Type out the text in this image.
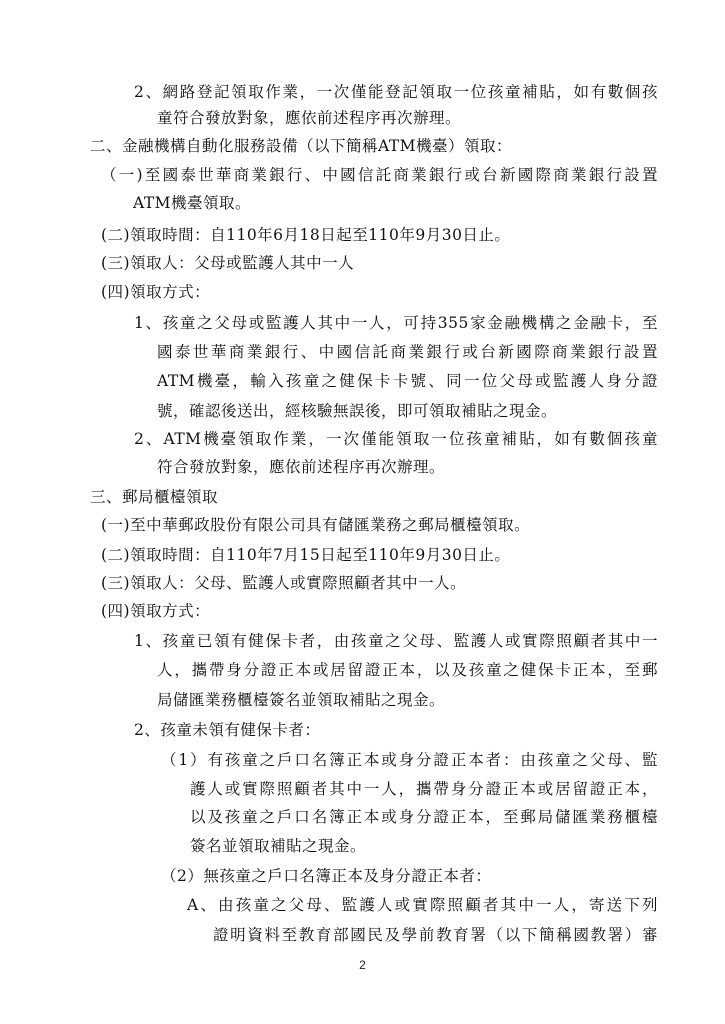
2、網路登記領取作業，一次僅能登記領取一位孩童補貼，如有數個孩
童符合發放對象，應依前述程序再次辦理。
二、金融機構自動化服務設備（以下簡稱ATM機臺）領取：
（一)至國泰世華商業銀行、中國信託商業銀行或台新國際商業銀行設置
ATM機臺領取。
(二)領取時間：自110年6月18日起至110年9月30日止。
(三)領取人：父母或監護人其中一人
(四)領取方式：
1、孩童之父母或監護人其中一人，可持355家金融機構之金融卡，至
國泰世華商業銀行、中國信託商業銀行或台新國際商業銀行設置
ATM機臺，輸入孩童之健保卡卡號、同一位父母或監護人身分證
號，確認後送出，經核驗無誤後，即可領取補貼之現金。
2、ATM機臺領取作業，一次僅能領取一位孩童補貼，如有數個孩童
符合發放對象，應依前述程序再次辦理。
三、郵局櫃檯領取
(一)至中華郵政股份有限公司具有儲匯業務之郵局櫃檯領取。
(二)領取時間：自110年7月15日起至110年9月30日止。
(三)領取人：父母、監護人或實際照顧者其中一人。
(四)領取方式：
1、孩童已領有健保卡者，由孩童之父母、監護人或實際照顧者其中一
人，攜帶身分證正本或居留證正本，以及孩童之健保卡正本，至郵
局儲匯業務櫃檯簽名並領取補貼之現金。
2、孩童未領有健保卡者：
（1）有孩童之戶口名簿正本或身分證正本者：由孩童之父母、監
護人或實際照顧者其中一人，攜帶身分證正本或居留證正本，
以及孩童之戶口名簿正本或身分證正本，至郵局儲匯業務櫃檯
簽名並領取補貼之現金。
（2）無孩童之戶口名簿正本及身分證正本者：
A、由孩童之父母、監護人或實際照顧者其中一人，寄送下列
證明資料至教育部國民及學前教育署（以下簡稱國教署）審
2
